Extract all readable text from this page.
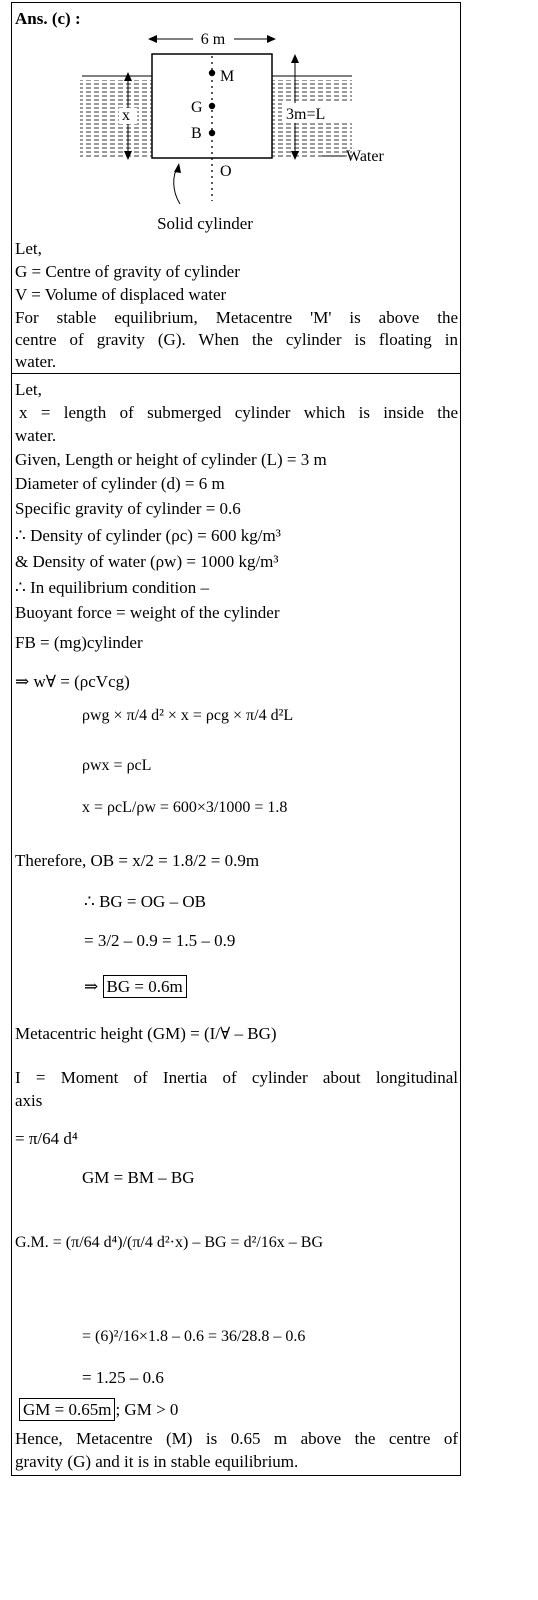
Ans. (c) :
6 m
M
G
B
O
x	3m=L
Water
Solid cylinder
Let,
G = Centre of gravity of cylinder
V = Volume of displaced water
For stable equilibrium, Metacentre 'M' is above the
centre of gravity (G). When the cylinder is floating in
water.
Let,
x = length of submerged cylinder which is inside the
water.
Given, Length or height of cylinder (L) = 3 m
Diameter of cylinder (d) = 6 m
Specific gravity of cylinder = 0.6
∴ Density of cylinder (ρc) = 600 kg/m³
& Density of water (ρw) = 1000 kg/m³
∴ In equilibrium condition –
Buoyant force = weight of the cylinder
FB = (mg)cylinder
⇒ w∀ = (ρcVcg)
ρwg × π/4 d² × x = ρcg × π/4 d²L
ρwx = ρcL
x = ρcL/ρw = 600×3/1000 = 1.8
Therefore, OB = x/2 = 1.8/2 = 0.9m
∴ BG = OG – OB
= 3/2 – 0.9 = 1.5 – 0.9
⇒ BG = 0.6m
Metacentric height (GM) = (I/∀ – BG)
I = Moment of Inertia of cylinder about longitudinal
axis
= π/64 d⁴
GM = BM – BG
G.M. = (π/64 d⁴)/(π/4 d²·x) – BG = d²/16x – BG
= (6)²/16×1.8 – 0.6 = 36/28.8 – 0.6
= 1.25 – 0.6
GM = 0.65m ; GM > 0
Hence, Metacentre (M) is 0.65 m above the centre of
gravity (G) and it is in stable equilibrium.
